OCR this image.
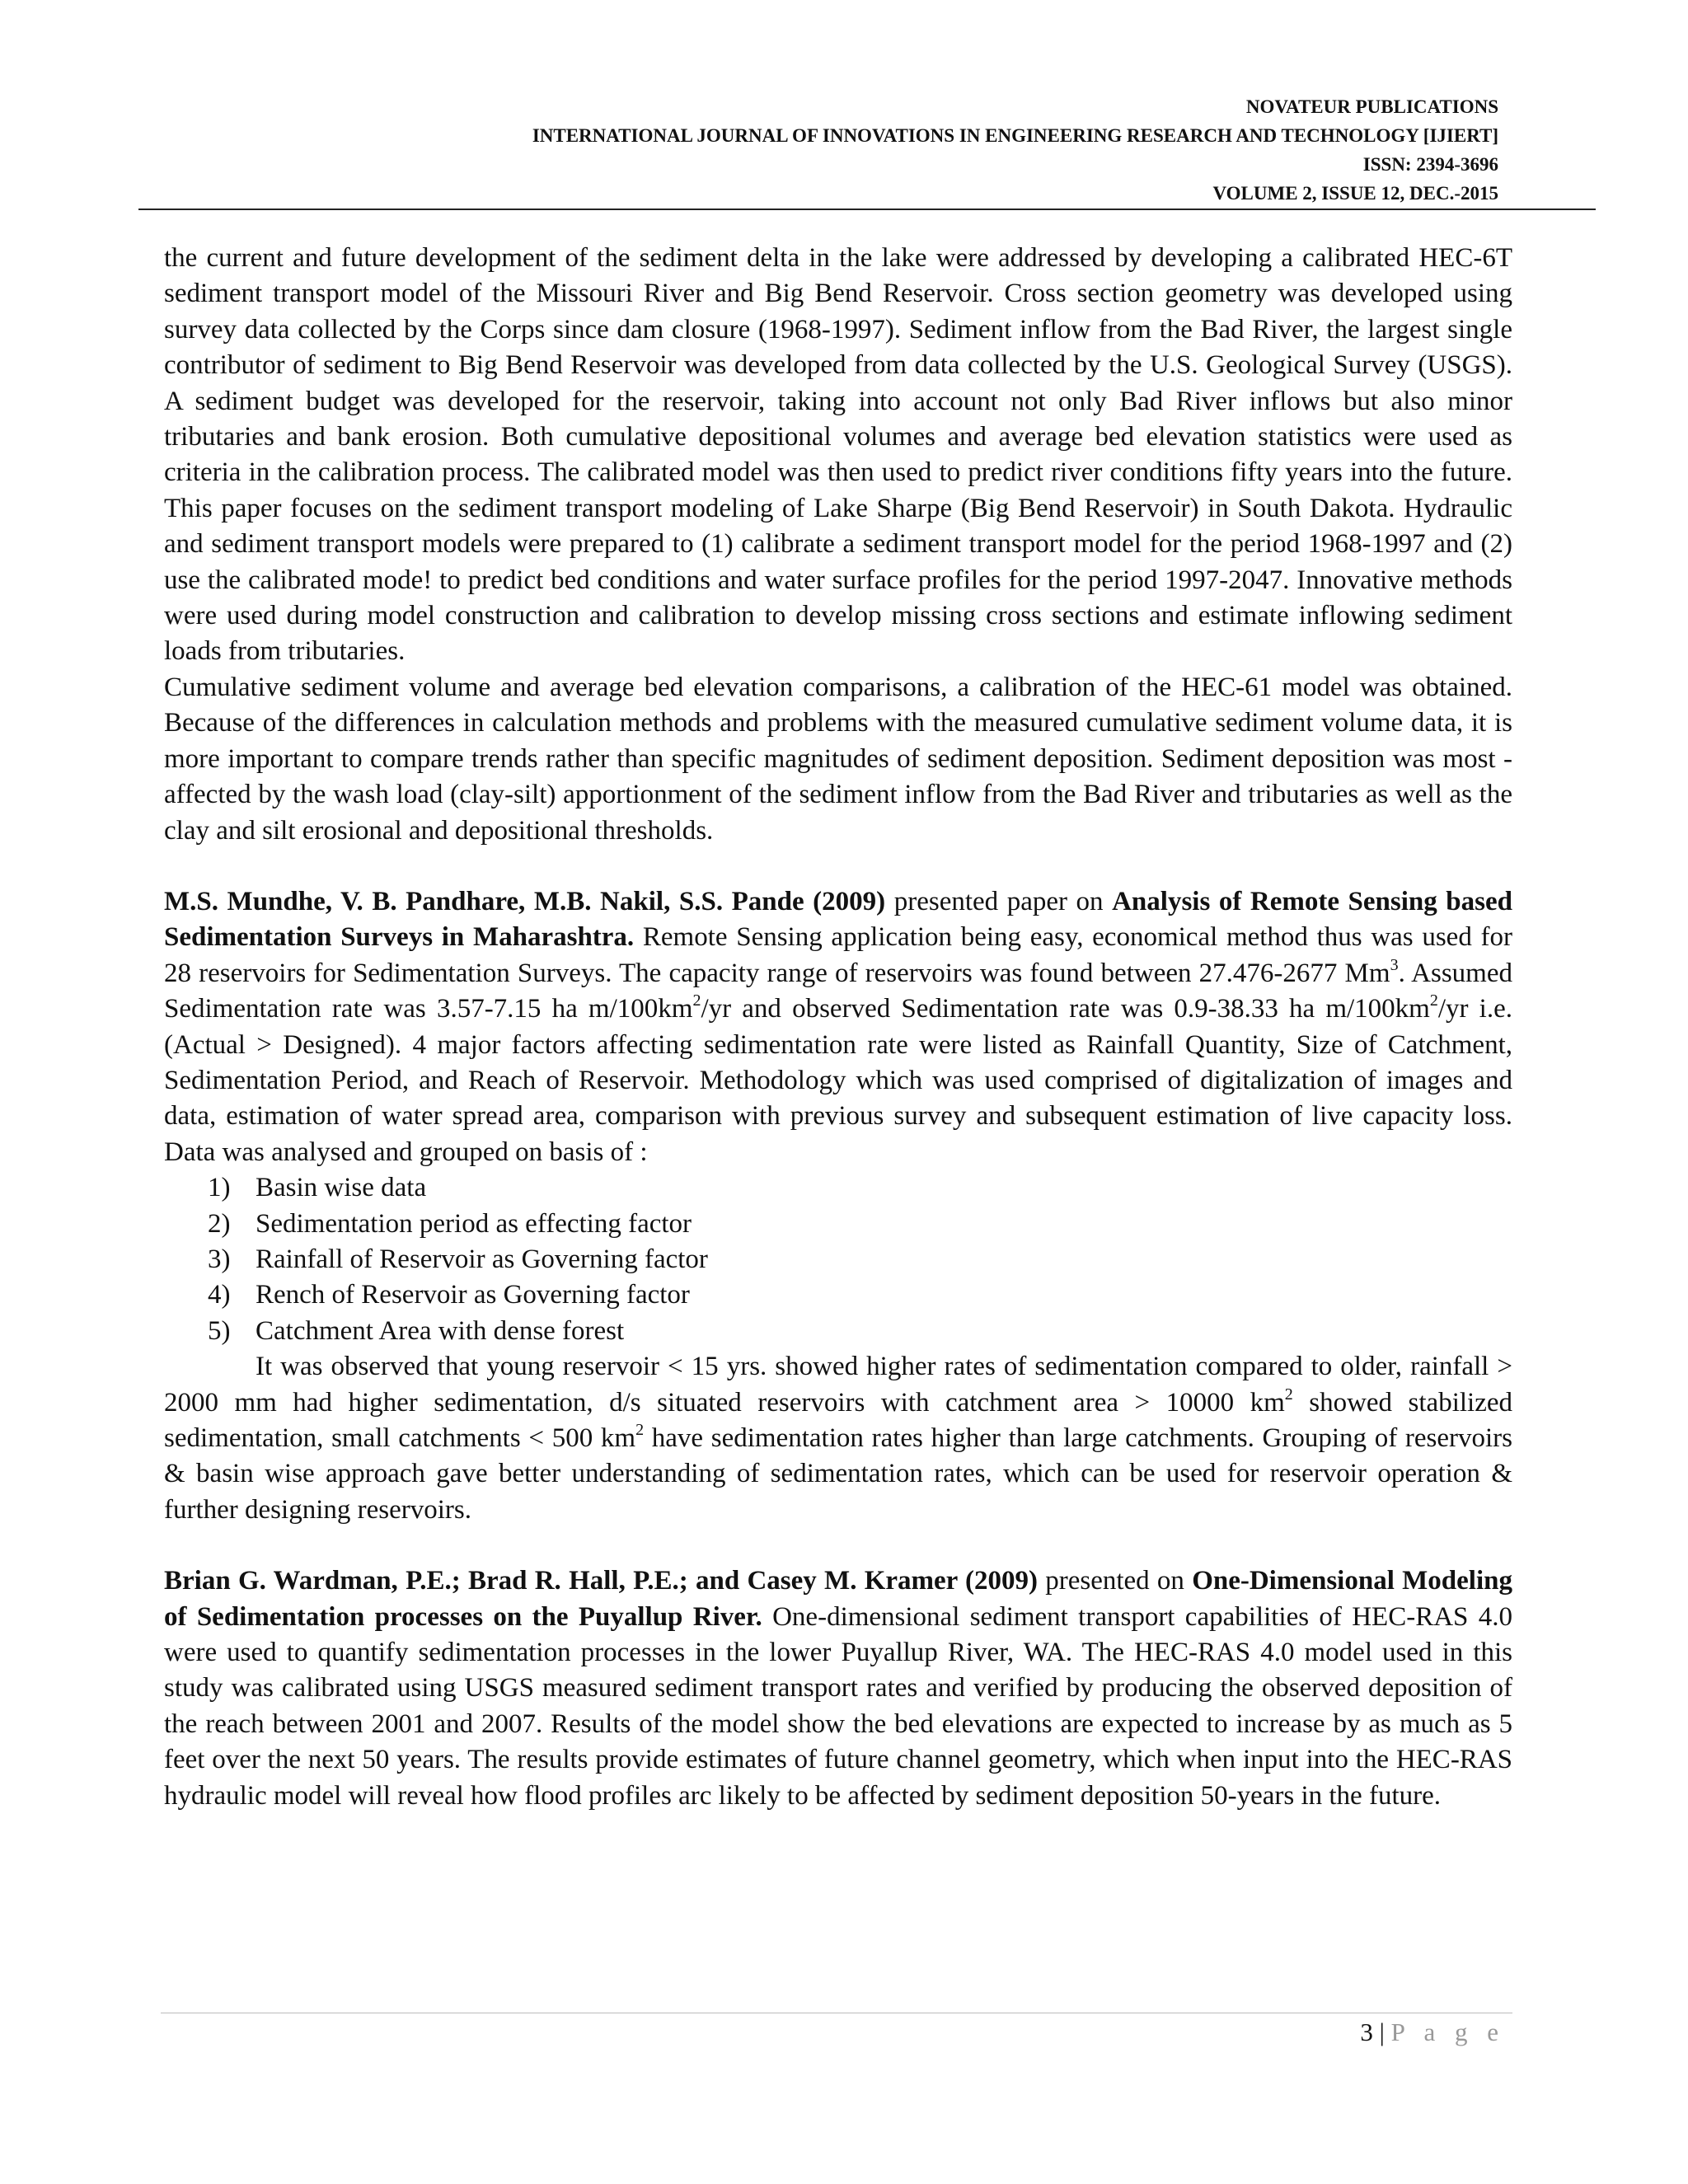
NOVATEUR PUBLICATIONS
INTERNATIONAL JOURNAL OF INNOVATIONS IN ENGINEERING RESEARCH AND TECHNOLOGY [IJIERT]
ISSN: 2394-3696
VOLUME 2, ISSUE 12, DEC.-2015

the current and future development of the sediment delta in the lake were addressed by developing a calibrated HEC-6T sediment transport model of the Missouri River and Big Bend Reservoir. Cross section geometry was developed using survey data collected by the Corps since dam closure (1968-1997). Sediment inflow from the Bad River, the largest single contributor of sediment to Big Bend Reservoir was developed from data collected by the U.S. Geological Survey (USGS). A sediment budget was developed for the reservoir, taking into account not only Bad River inflows but also minor tributaries and bank erosion. Both cumulative depositional volumes and average bed elevation statistics were used as criteria in the calibration process. The calibrated model was then used to predict river conditions fifty years into the future. This paper focuses on the sediment transport modeling of Lake Sharpe (Big Bend Reservoir) in South Dakota. Hydraulic and sediment transport models were prepared to (1) calibrate a sediment transport model for the period 1968-1997 and (2) use the calibrated mode! to predict bed conditions and water surface profiles for the period 1997-2047. Innovative methods were used during model construction and calibration to develop missing cross sections and estimate inflowing sediment loads from tributaries.

Cumulative sediment volume and average bed elevation comparisons, a calibration of the HEC-61 model was obtained. Because of the differences in calculation methods and problems with the measured cumulative sediment volume data, it is more important to compare trends rather than specific magnitudes of sediment deposition. Sediment deposition was most -affected by the wash load (clay-silt) apportionment of the sediment inflow from the Bad River and tributaries as well as the clay and silt erosional and depositional thresholds.

M.S. Mundhe, V. B. Pandhare, M.B. Nakil, S.S. Pande (2009) presented paper on Analysis of Remote Sensing based Sedimentation Surveys in Maharashtra. Remote Sensing application being easy, economical method thus was used for 28 reservoirs for Sedimentation Surveys. The capacity range of reservoirs was found between 27.476-2677 Mm$^3$. Assumed Sedimentation rate was 3.57-7.15 ha $m/100km^2/yr$ and observed Sedimentation rate was 0.9-38.33 ha $m/100km^2/yr$ i.e. (Actual > Designed). 4 major factors affecting sedimentation rate were listed as Rainfall Quantity, Size of Catchment, Sedimentation Period, and Reach of Reservoir. Methodology which was used comprised of digitalization of images and data, estimation of water spread area, comparison with previous survey and subsequent estimation of live capacity loss. Data was analysed and grouped on basis of :

1) Basin wise data
2) Sedimentation period as effecting factor
3) Rainfall of Reservoir as Governing factor
4) Rench of Reservoir as Governing factor
5) Catchment Area with dense forest

It was observed that young reservoir < 15 yrs. showed higher rates of sedimentation compared to older, rainfall > 2000 mm had higher sedimentation, d/s situated reservoirs with catchment area > 10000 $km^2$ showed stabilized sedimentation, small catchments < 500 $km^2$ have sedimentation rates higher than large catchments. Grouping of reservoirs & basin wise approach gave better understanding of sedimentation rates, which can be used for reservoir operation & further designing reservoirs.

Brian G. Wardman, P.E.; Brad R. Hall, P.E.; and Casey M. Kramer (2009) presented on One-Dimensional Modeling of Sedimentation processes on the Puyallup River. One-dimensional sediment transport capabilities of HEC-RAS 4.0 were used to quantify sedimentation processes in the lower Puyallup River, WA. The HEC-RAS 4.0 model used in this study was calibrated using USGS measured sediment transport rates and verified by producing the observed deposition of the reach between 2001 and 2007. Results of the model show the bed elevations are expected to increase by as much as 5 feet over the next 50 years. The results provide estimates of future channel geometry, which when input into the HEC-RAS hydraulic model will reveal how flood profiles arc likely to be affected by sediment deposition 50-years in the future.

3 | P a g e
